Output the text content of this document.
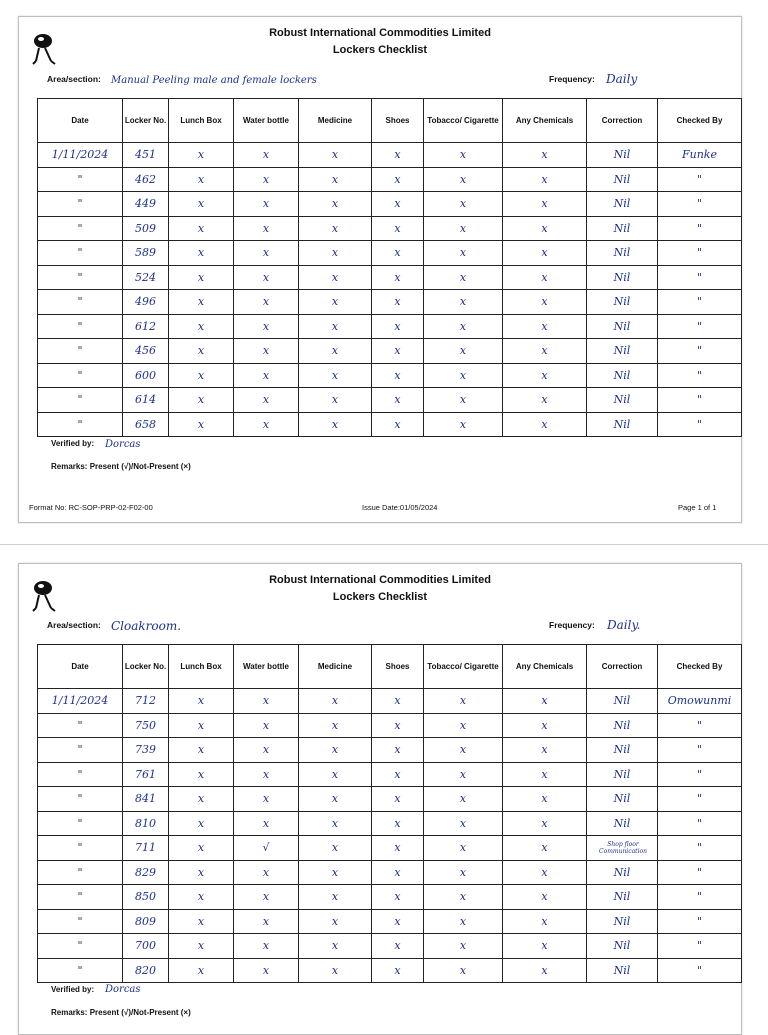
Robust International Commodities Limited
Lockers Checklist
Area/section: Manual Peeling male and female lockers	Frequency: Daily
Date	Locker No.	Lunch Box	Water bottle	Medicine	Shoes	Tobacco/ Cigarette	Any Chemicals	Correction	Checked By
1/11/2024	451	x	x	x	x	x	x	Nil	Funke
"	462	x	x	x	x	x	x	Nil	"
"	449	x	x	x	x	x	x	Nil	"
"	509	x	x	x	x	x	x	Nil	"
"	589	x	x	x	x	x	x	Nil	"
"	524	x	x	x	x	x	x	Nil	"
"	496	x	x	x	x	x	x	Nil	"
"	612	x	x	x	x	x	x	Nil	"
"	456	x	x	x	x	x	x	Nil	"
"	600	x	x	x	x	x	x	Nil	"
"	614	x	x	x	x	x	x	Nil	"
"	658	x	x	x	x	x	x	Nil	"
Verified by: Dorcas
Remarks: Present (√)/Not-Present (×)
Format No: RC-SOP-PRP-02-F02-00	Issue Date:01/05/2024	Page 1 of 1
Robust International Commodities Limited
Lockers Checklist
Area/section: Cloakroom.	Frequency: Daily.
Date	Locker No.	Lunch Box	Water bottle	Medicine	Shoes	Tobacco/ Cigarette	Any Chemicals	Correction	Checked By
1/11/2024	712	x	x	x	x	x	x	Nil	Omowunmi
"	750	x	x	x	x	x	x	Nil	"
"	739	x	x	x	x	x	x	Nil	"
"	761	x	x	x	x	x	x	Nil	"
"	841	x	x	x	x	x	x	Nil	"
"	810	x	x	x	x	x	x	Nil	"
"	711	x	√	x	x	x	x	Shop floor Communication	"
"	829	x	x	x	x	x	x	Nil	"
"	850	x	x	x	x	x	x	Nil	"
"	809	x	x	x	x	x	x	Nil	"
"	700	x	x	x	x	x	x	Nil	"
"	820	x	x	x	x	x	x	Nil	"
Verified by: Dorcas
Remarks: Present (√)/Not-Present (×)
